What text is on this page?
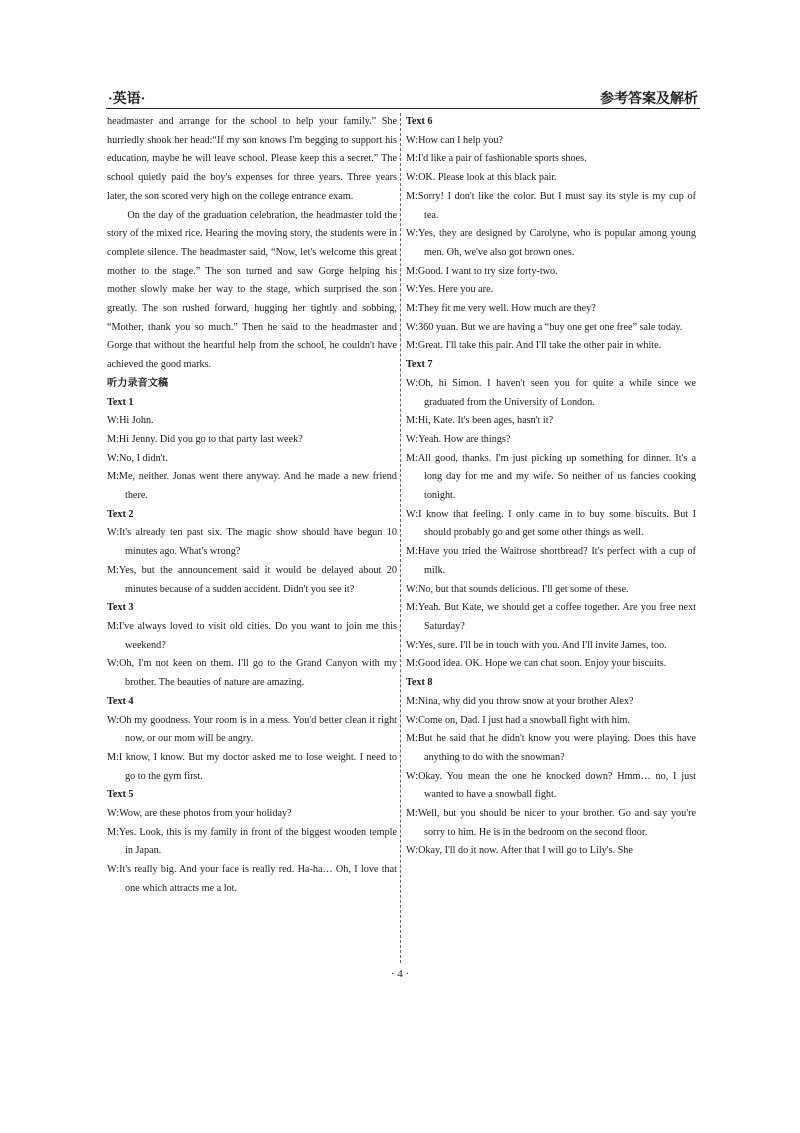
·英语·	参考答案及解析

headmaster and arrange for the school to help your family.” She hurriedly shook her head:“If my son knows I'm begging to support his education, maybe he will leave school. Please keep this a secret.” The school quietly paid the boy's expenses for three years. Three years later, the son scored very high on the college entrance exam.

On the day of the graduation celebration, the headmaster told the story of the mixed rice. Hearing the moving story, the students were in complete silence. The headmaster said, “Now, let's welcome this great mother to the stage.” The son turned and saw Gorge helping his mother slowly make her way to the stage, which surprised the son greatly. The son rushed forward, hugging her tightly and sobbing, “Mother, thank you so much.” Then he said to the headmaster and Gorge that without the heartful help from the school, he couldn't have achieved the good marks.

听力录音文稿

Text 1

W:Hi John.

M:Hi Jenny. Did you go to that party last week?

W:No, I didn't.

M:Me, neither. Jonas went there anyway. And he made a new friend there.

Text 2

W:It's already ten past six. The magic show should have begun 10 minutes ago. What's wrong?

M:Yes, but the announcement said it would be delayed about 20 minutes because of a sudden accident. Didn't you see it?

Text 3

M:I've always loved to visit old cities. Do you want to join me this weekend?

W:Oh, I'm not keen on them. I'll go to the Grand Canyon with my brother. The beauties of nature are amazing.

Text 4

W:Oh my goodness. Your room is in a mess. You'd better clean it right now, or our mom will be angry.

M:I know, I know. But my doctor asked me to lose weight. I need to go to the gym first.

Text 5

W:Wow, are these photos from your holiday?

M:Yes. Look, this is my family in front of the biggest wooden temple in Japan.

W:It's really big. And your face is really red. Ha-ha… Oh, I love that one which attracts me a lot.

Text 6

W:How can I help you?

M:I'd like a pair of fashionable sports shoes.

W:OK. Please look at this black pair.

M:Sorry! I don't like the color. But I must say its style is my cup of tea.

W:Yes, they are designed by Carolyne, who is popular among young men. Oh, we've also got brown ones.

M:Good. I want to try size forty-two.

W:Yes. Here you are.

M:They fit me very well. How much are they?

W:360 yuan. But we are having a “buy one get one free” sale today.

M:Great. I'll take this pair. And I'll take the other pair in white.

Text 7

W:Oh, hi Simon. I haven't seen you for quite a while since we graduated from the University of London.

M:Hi, Kate. It's been ages, hasn't it?

W:Yeah. How are things?

M:All good, thanks. I'm just picking up something for dinner. It's a long day for me and my wife. So neither of us fancies cooking tonight.

W:I know that feeling. I only came in to buy some biscuits. But I should probably go and get some other things as well.

M:Have you tried the Waitrose shortbread? It's perfect with a cup of milk.

W:No, but that sounds delicious. I'll get some of these.

M:Yeah. But Kate, we should get a coffee together. Are you free next Saturday?

W:Yes, sure. I'll be in touch with you. And I'll invite James, too.

M:Good idea. OK. Hope we can chat soon. Enjoy your biscuits.

Text 8

M:Nina, why did you throw snow at your brother Alex?

W:Come on, Dad. I just had a snowball fight with him.

M:But he said that he didn't know you were playing. Does this have anything to do with the snowman?

W:Okay. You mean the one he knocked down? Hmm… no, I just wanted to have a snowball fight.

M:Well, but you should be nicer to your brother. Go and say you're sorry to him. He is in the bedroom on the second floor.

W:Okay, I'll do it now. After that I will go to Lily's. She

· 4 ·
